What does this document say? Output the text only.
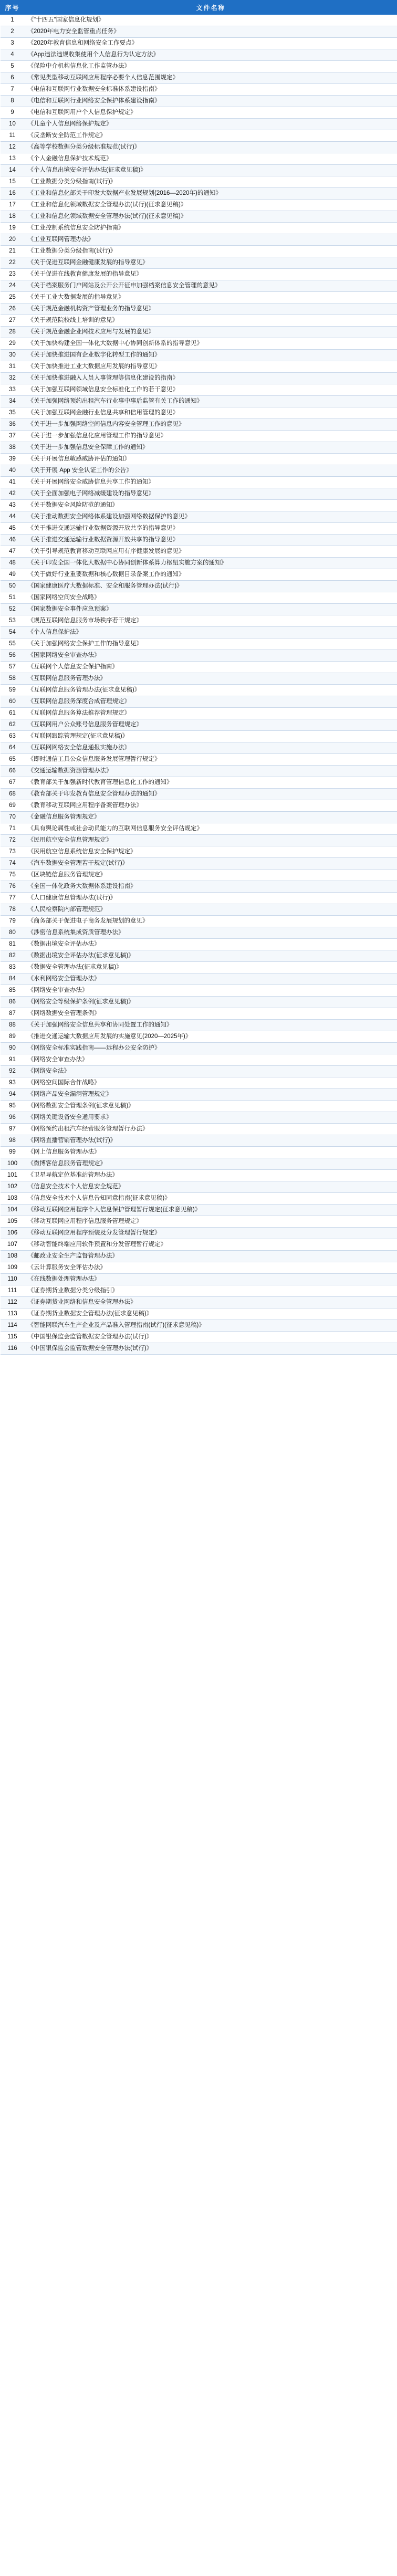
序号	文件名称
1	《"十四五"国家信息化规划》
2	《2020年电力安全监管重点任务》
3	《2020年教育信息和网络安全工作要点》
4	《App违法违规收集使用个人信息行为认定方法》
5	《保险中介机构信息化工作监管办法》
6	《常见类型移动互联网应用程序必要个人信息范围规定》
7	《电信和互联网行业数据安全标准体系建设指南》
8	《电信和互联网行业网络安全保护体系建设指南》
9	《电信和互联网用户个人信息保护规定》
10	《儿童个人信息网络保护规定》
11	《反垄断安全防范工作规定》
12	《高等学校数据分类分级标准规范(试行)》
13	《个人金融信息保护技术规范》
14	《个人信息出境安全评估办法(征求意见稿)》
15	《工业数据分类分级指南(试行)》
16	《工业和信息化部关于印发大数据产业发展规划(2016—2020年)的通知》
17	《工业和信息化领域数据安全管理办法(试行)(征求意见稿)》
18	《工业和信息化领域数据安全管理办法(试行)(征求意见稿)》
19	《工业控制系统信息安全防护指南》
20	《工业互联网管理办法》
21	《工业数据分类分级指南(试行)》
22	《关于促进互联网金融健康发展的指导意见》
23	《关于促进在线教育健康发展的指导意见》
24	《关于档案服务门户网站及公开公开征申加强档案信息安全管理的意见》
25	《关于工业大数据发展的指导意见》
26	《关于规范金融机构资产管理业务的指导意见》
27	《关于规范院校线上培训的意见》
28	《关于规范金融企业网技术应用与发展的意见》
29	《关于加快构建全国一体化大数据中心协同创新体系的指导意见》
30	《关于加快推进国有企业数字化转型工作的通知》
31	《关于加快推进工业大数据应用发展的指导意见》
32	《关于加快推进融入人员人事管理等信息化建设的指南》
33	《关于加强互联网领域信息安全标准化工作的若干意见》
34	《关于加强网络预约出租汽车行业事中事后监管有关工作的通知》
35	《关于加强互联网金融行业信息共享和信用管理的意见》
36	《关于进一步加强网络空间信息内容安全管理工作的意见》
37	《关于进一步加强信息化应用管理工作的指导意见》
38	《关于进一步加强信息安全保障工作的通知》
39	《关于开展信息敏感威胁评估的通知》
40	《关于开展 App 安全认证工作的公告》
41	《关于开展网络安全威胁信息共享工作的通知》
42	《关于全面加强电子网络减缓建设的指导意见》
43	《关于数据安全风险防范的通知》
44	《关于推动数据安全网络体系建设加强网络数据保护的意见》
45	《关于推进交通运输行业数据资源开放共享的指导意见》
46	《关于推进交通运输行业数据资源开放共享的指导意见》
47	《关于引导规范教育移动互联网应用有序健康发展的意见》
48	《关于印发全国一体化大数据中心协同创新体系算力枢纽实施方案的通知》
49	《关于做好行业重要数据和核心数据目录备案工作的通知》
50	《国家健康医疗大数据标准、安全和服务管理办法(试行)》
51	《国家网络空间安全战略》
52	《国家数据安全事件应急预案》
53	《规范互联网信息服务市场秩序若干规定》
54	《个人信息保护法》
55	《关于加强网络安全保护工作的指导意见》
56	《国家网络安全审查办法》
57	《互联网个人信息安全保护指南》
58	《互联网信息服务管理办法》
59	《互联网信息服务管理办法(征求意见稿)》
60	《互联网信息服务深度合成管理规定》
61	《互联网信息服务算法推荐管理规定》
62	《互联网用户公众账号信息服务管理规定》
63	《互联网跟踪管理规定(征求意见稿)》
64	《互联网网络安全信息通报实施办法》
65	《即时通信工具公众信息服务发展管理暂行规定》
66	《交通运输数据资源管理办法》
67	《教育部关于加强新时代教育管理信息化工作的通知》
68	《教育部关于印发教育信息安全管理办法的通知》
69	《教育移动互联网应用程序备案管理办法》
70	《金融信息服务管理规定》
71	《具有舆论属性或社会动员能力的互联网信息服务安全评估规定》
72	《民用航空安全信息管理规定》
73	《民用航空信息系统信息安全保护规定》
74	《汽车数据安全管理若干规定(试行)》
75	《区块链信息服务管理规定》
76	《全国一体化政务大数据体系建设指南》
77	《人口健康信息管理办法(试行)》
78	《人民检察院内部管理规范》
79	《商务部关于促进电子商务发展规划的意见》
80	《涉密信息系统集成资质管理办法》
81	《数据出境安全评估办法》
82	《数据出境安全评估办法(征求意见稿)》
83	《数据安全管理办法(征求意见稿)》
84	《水利网络安全管理办法》
85	《网络安全审查办法》
86	《网络安全等级保护条例(征求意见稿)》
87	《网络数据安全管理条例》
88	《关于加强网络安全信息共享和协同处置工作的通知》
89	《推进交通运输大数据应用发展的实施意见(2020—2025年)》
90	《网络安全标准实践指南——远程办公安全防护》
91	《网络安全审查办法》
92	《网络安全法》
93	《网络空间国际合作战略》
94	《网络产品安全漏洞管理规定》
95	《网络数据安全管理条例(征求意见稿)》
96	《网络关键设备安全通用要求》
97	《网络预约出租汽车经营服务管理暂行办法》
98	《网络直播营销管理办法(试行)》
99	《网上信息服务管理办法》
100	《微博客信息服务管理规定》
101	《卫星导航定位基准站管理办法》
102	《信息安全技术个人信息安全规范》
103	《信息安全技术个人信息告知同意指南(征求意见稿)》
104	《移动互联网应用程序个人信息保护管理暂行规定(征求意见稿)》
105	《移动互联网应用程序信息服务管理规定》
106	《移动互联网应用程序预装及分发管理暂行规定》
107	《移动智能终端应用软件预置和分发管理暂行规定》
108	《邮政业安全生产监督管理办法》
109	《云计算服务安全评估办法》
110	《在线数据处理管理办法》
111	《证券期货业数据分类分级指引》
112	《证券期货业网络和信息安全管理办法》
113	《证券期货业数据安全管理办法(征求意见稿)》
114	《智能网联汽车生产企业及产品准入管理指南(试行)(征求意见稿)》
115	《中国银保监会监管数据安全管理办法(试行)》
116	《中国银保监会监管数据安全管理办法(试行)》
